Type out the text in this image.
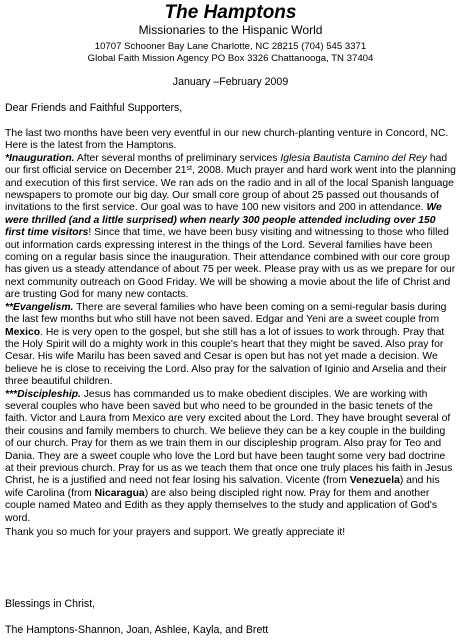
The Hamptons
Missionaries to the Hispanic World
10707 Schooner Bay Lane Charlotte, NC 28215 (704) 545 3371
Global Faith Mission Agency PO Box 3326 Chattanooga, TN 37404
January –February 2009
Dear Friends and Faithful Supporters,

The last two months have been very eventful in our new church-planting venture in Concord, NC. Here is the latest from the Hamptons.

*Inauguration. After several months of preliminary services Iglesia Bautista Camino del Rey had our first official service on December 21st, 2008. Much prayer and hard work went into the planning and execution of this first service. We ran ads on the radio and in all of the local Spanish language newspapers to promote our big day. Our small core group of about 25 passed out thousands of invitations to the first service. Our goal was to have 100 new visitors and 200 in attendance. We were thrilled (and a little surprised) when nearly 300 people attended including over 150 first time visitors! Since that time, we have been busy visiting and witnessing to those who filled out information cards expressing interest in the things of the Lord. Several families have been coming on a regular basis since the inauguration. Their attendance combined with our core group has given us a steady attendance of about 75 per week. Please pray with us as we prepare for our next community outreach on Good Friday. We will be showing a movie about the life of Christ and are trusting God for many new contacts.

**Evangelism. There are several families who have been coming on a semi-regular basis during the last few months but who still have not been saved. Edgar and Yeni are a sweet couple from Mexico. He is very open to the gospel, but she still has a lot of issues to work through. Pray that the Holy Spirit will do a mighty work in this couple's heart that they might be saved. Also pray for Cesar. His wife Marilu has been saved and Cesar is open but has not yet made a decision. We believe he is close to receiving the Lord. Also pray for the salvation of Iginio and Arselia and their three beautiful children.

***Discipleship. Jesus has commanded us to make obedient disciples. We are working with several couples who have been saved but who need to be grounded in the basic tenets of the faith. Victor and Laura from Mexico are very excited about the Lord. They have brought several of their cousins and family members to church. We believe they can be a key couple in the building of our church. Pray for them as we train them in our discipleship program. Also pray for Teo and Dania. They are a sweet couple who love the Lord but have been taught some very bad doctrine at their previous church. Pray for us as we teach them that once one truly places his faith in Jesus Christ, he is a justified and need not fear losing his salvation. Vicente (from Venezuela) and his wife Carolina (from Nicaragua) are also being discipled right now. Pray for them and another couple named Mateo and Edith as they apply themselves to the study and application of God's word.

Thank you so much for your prayers and support. We greatly appreciate it!

Blessings in Christ,
The Hamptons-Shannon, Joan, Ashlee, Kayla, and Brett
